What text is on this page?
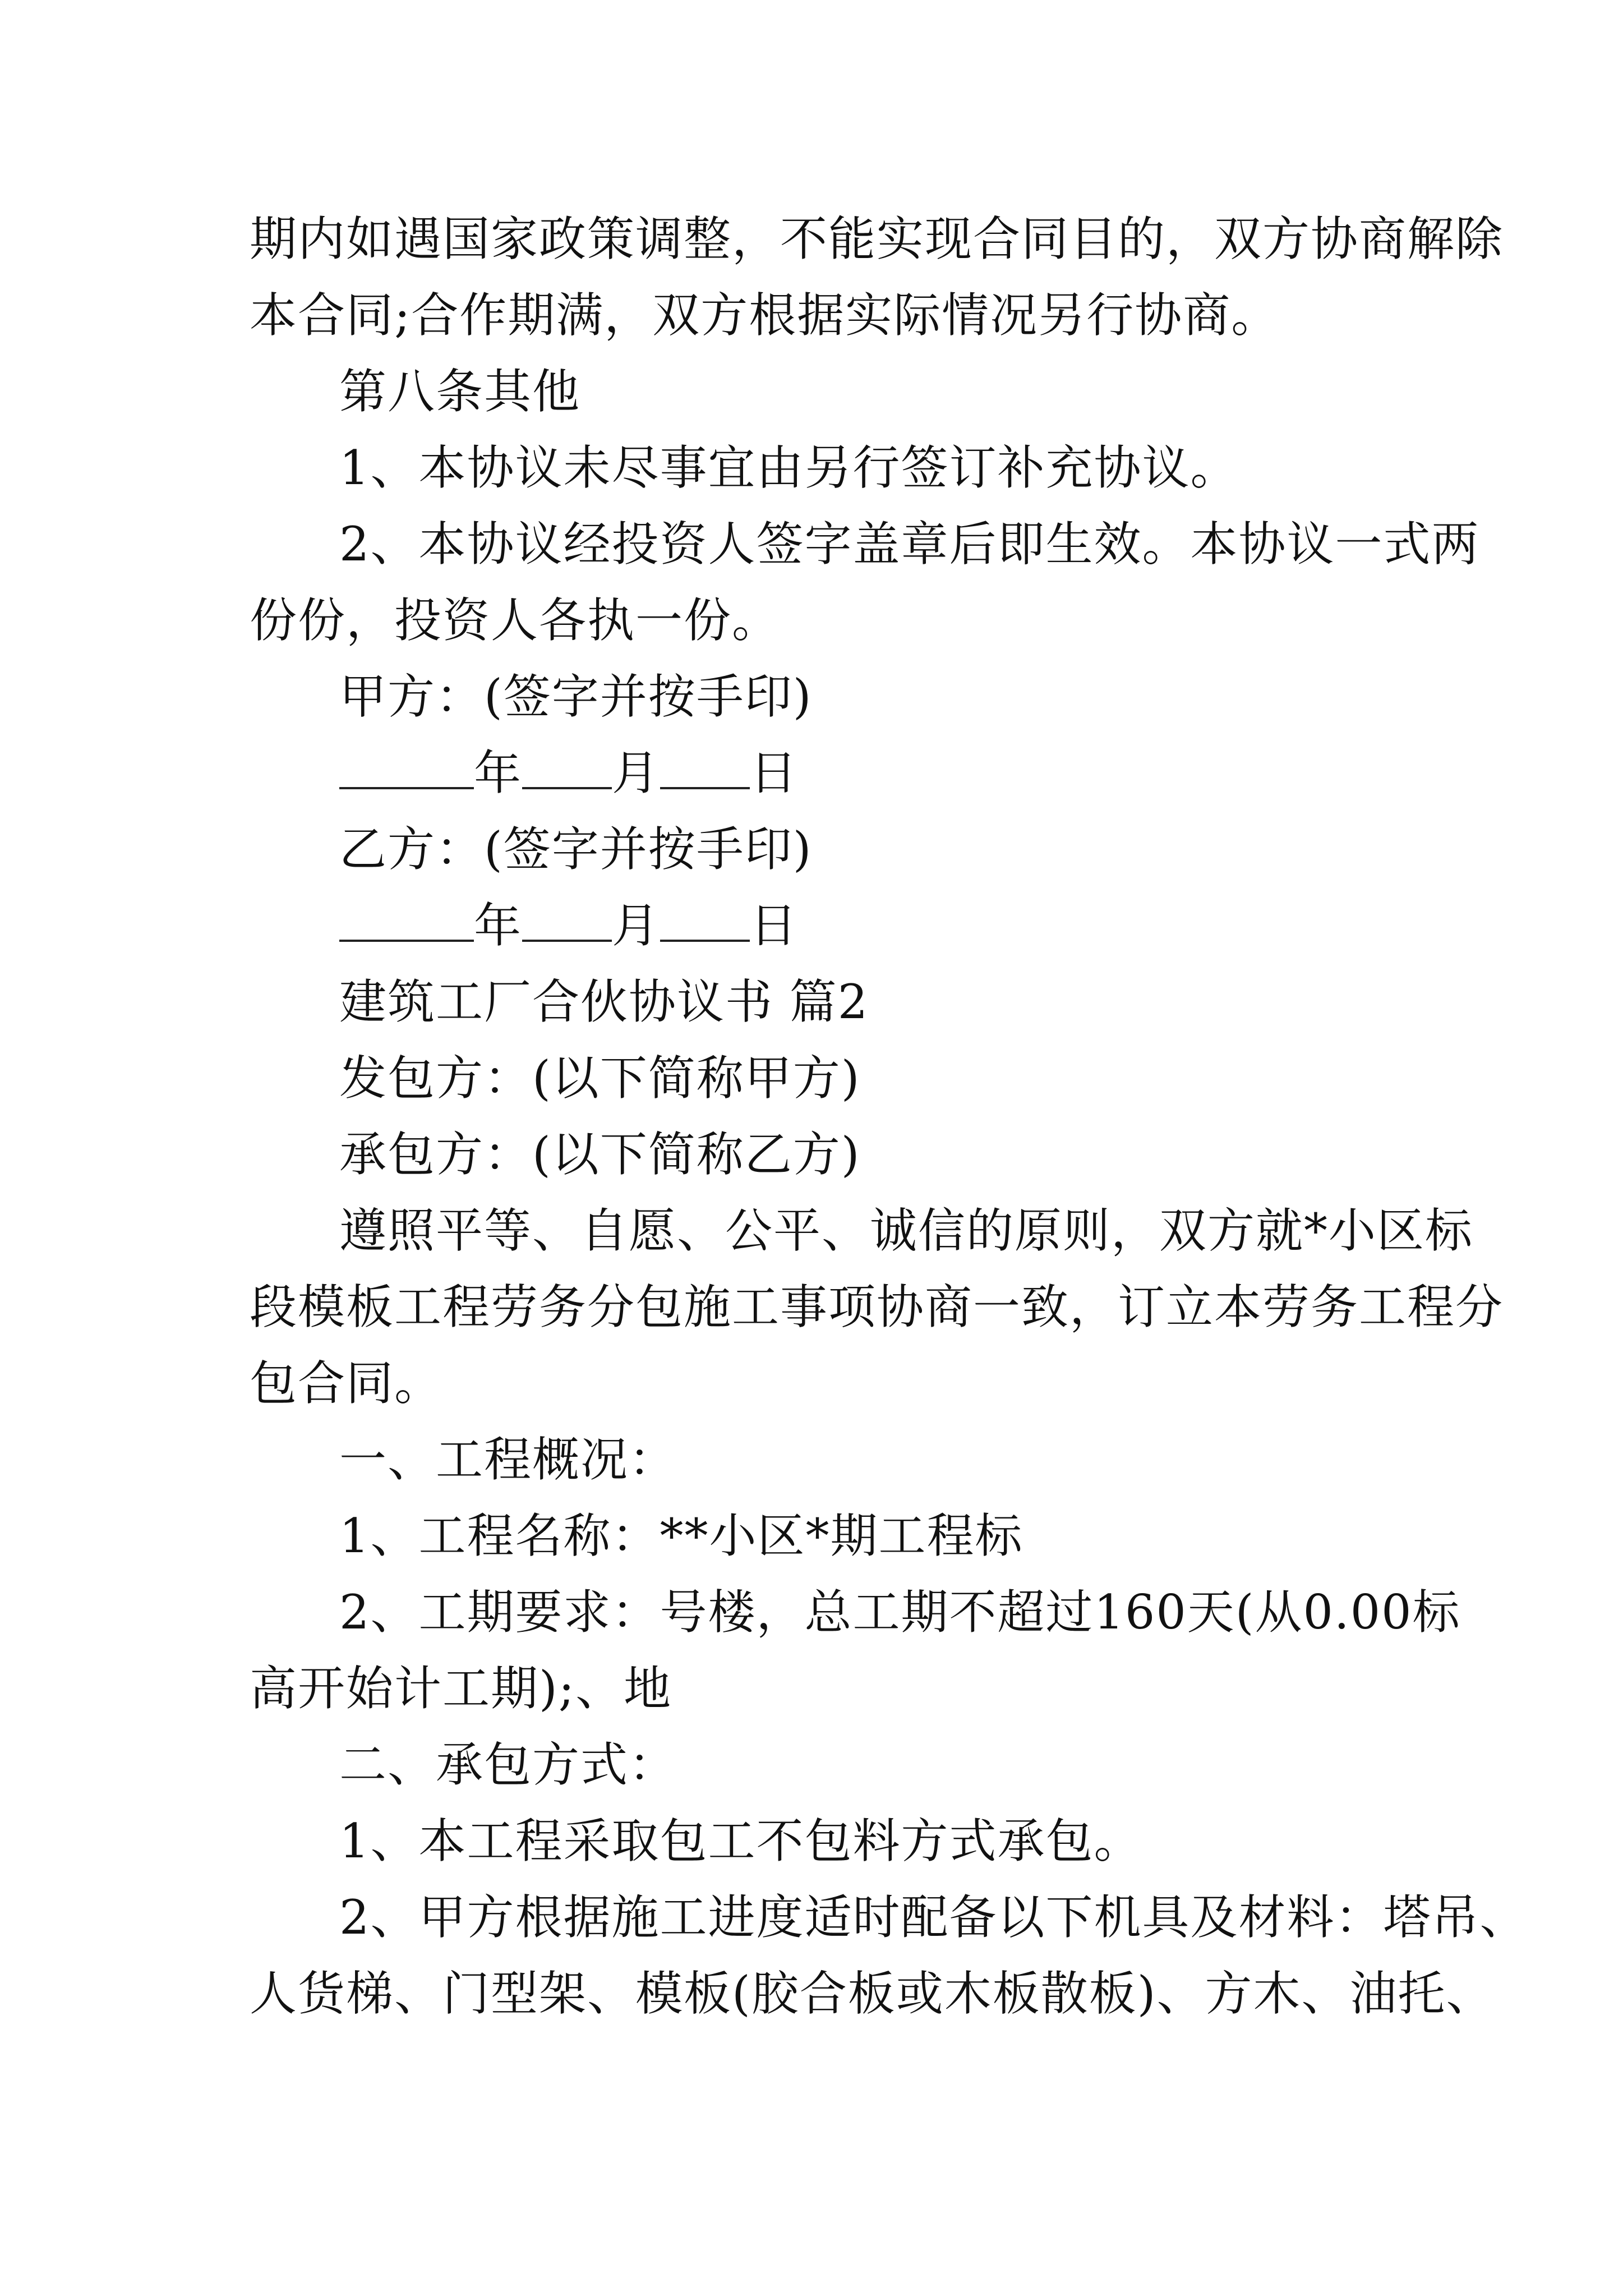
期内如遇国家政策调整，不能实现合同目的，双方协商解除
本合同;合作期满，双方根据实际情况另行协商。
第八条其他
1、本协议未尽事宜由另行签订补充协议。
2、本协议经投资人签字盖章后即生效。本协议一式两
份份，投资人各执一份。
甲方：(签字并按手印)
年 月 日
乙方：(签字并按手印)
年 月 日
建筑工厂合伙协议书 篇2
发包方：(以下简称甲方)
承包方：(以下简称乙方)
遵照平等、自愿、公平、诚信的原则，双方就*小区标
段模板工程劳务分包施工事项协商一致，订立本劳务工程分
包合同。
一、工程概况：
1、工程名称：**小区*期工程标
2、工期要求：号楼，总工期不超过160天(从0.00标
高开始计工期);、地
二、承包方式：
1、本工程采取包工不包料方式承包。
2、甲方根据施工进度适时配备以下机具及材料：塔吊、
人货梯、门型架、模板(胶合板或木板散板)、方木、油托、
